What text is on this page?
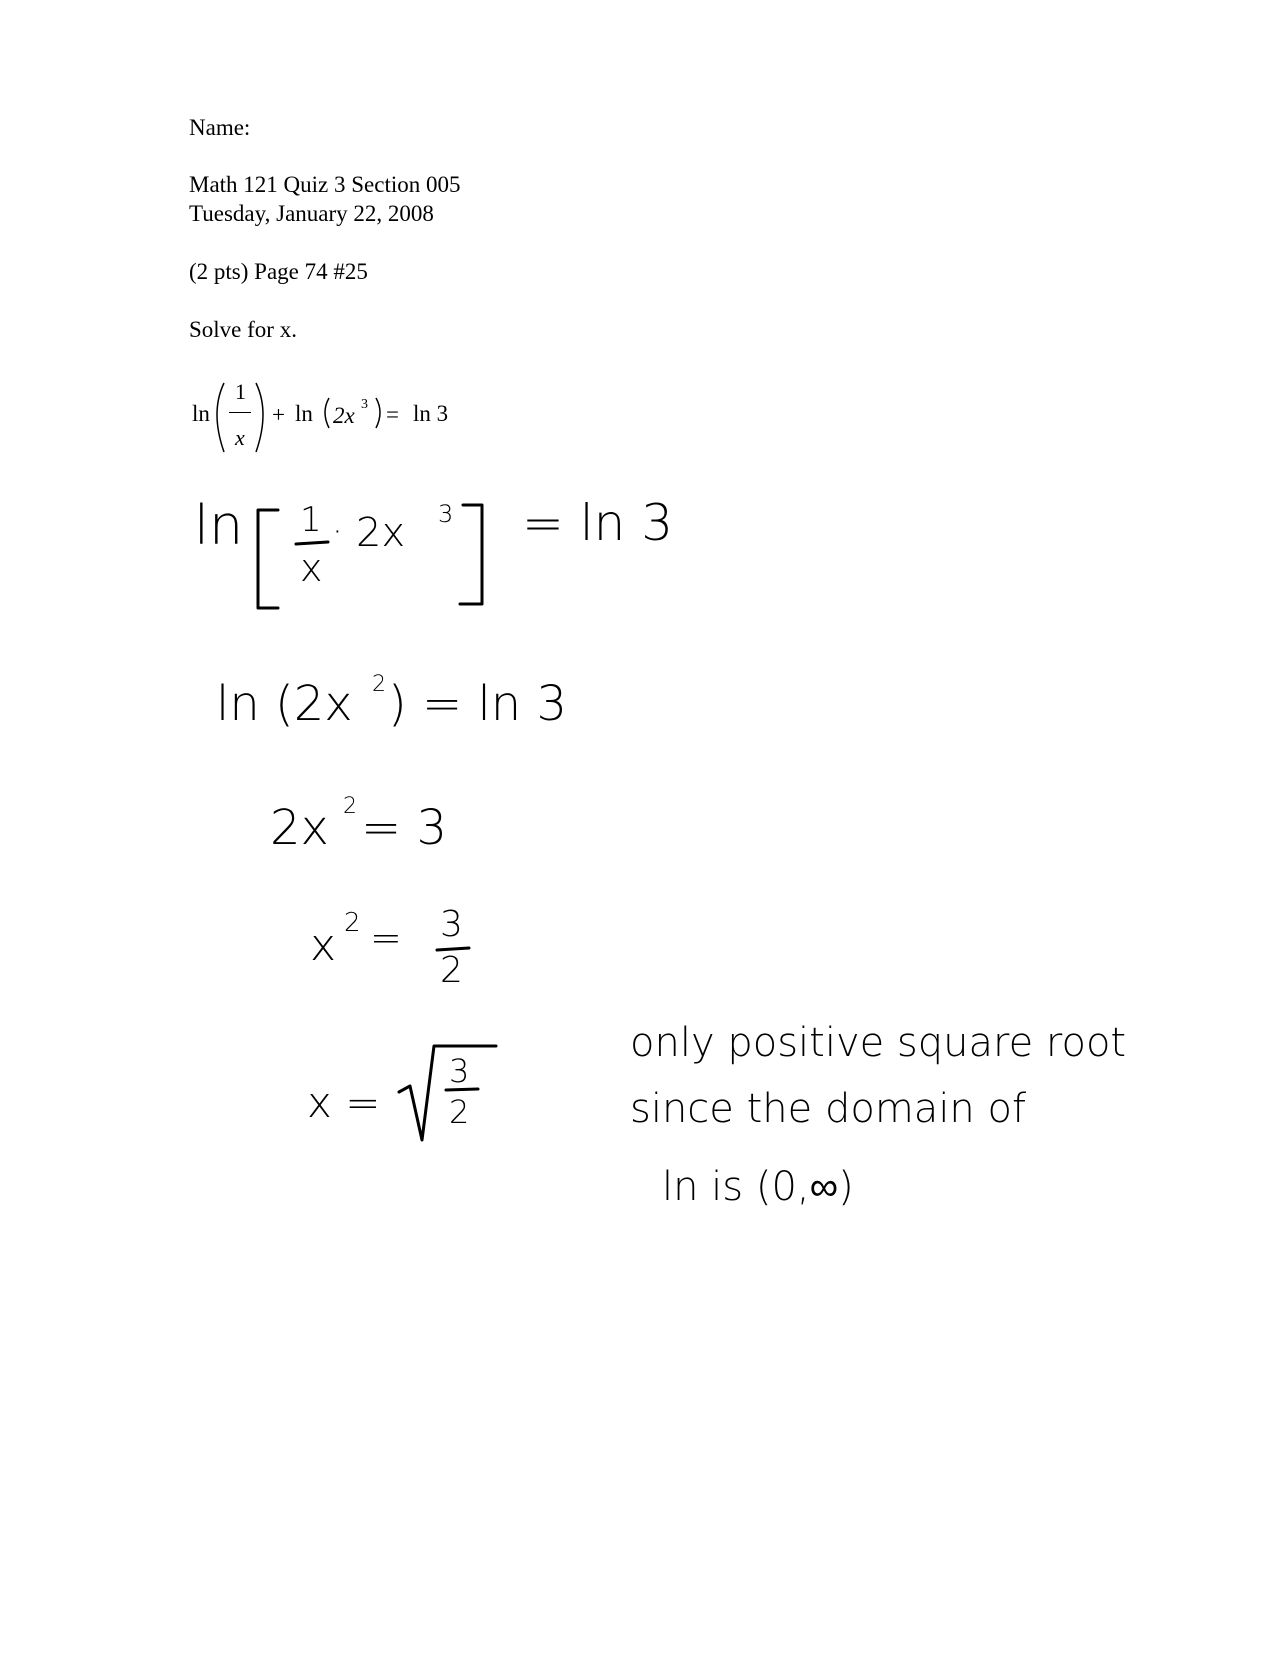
Name:
Math 121 Quiz 3 Section 005
Tuesday, January 22, 2008
(2 pts) Page 74 #25
Solve for x.
ln
1
x
+ ln 2x 3 = ln 3
ln 1
x
· 2x 3 = ln 3
ln (2x 2 ) = ln 3
2x 2 = 3
x 2 = 3
2
x =
3
2
only positive square root
since the domain of
ln is (0,∞)
